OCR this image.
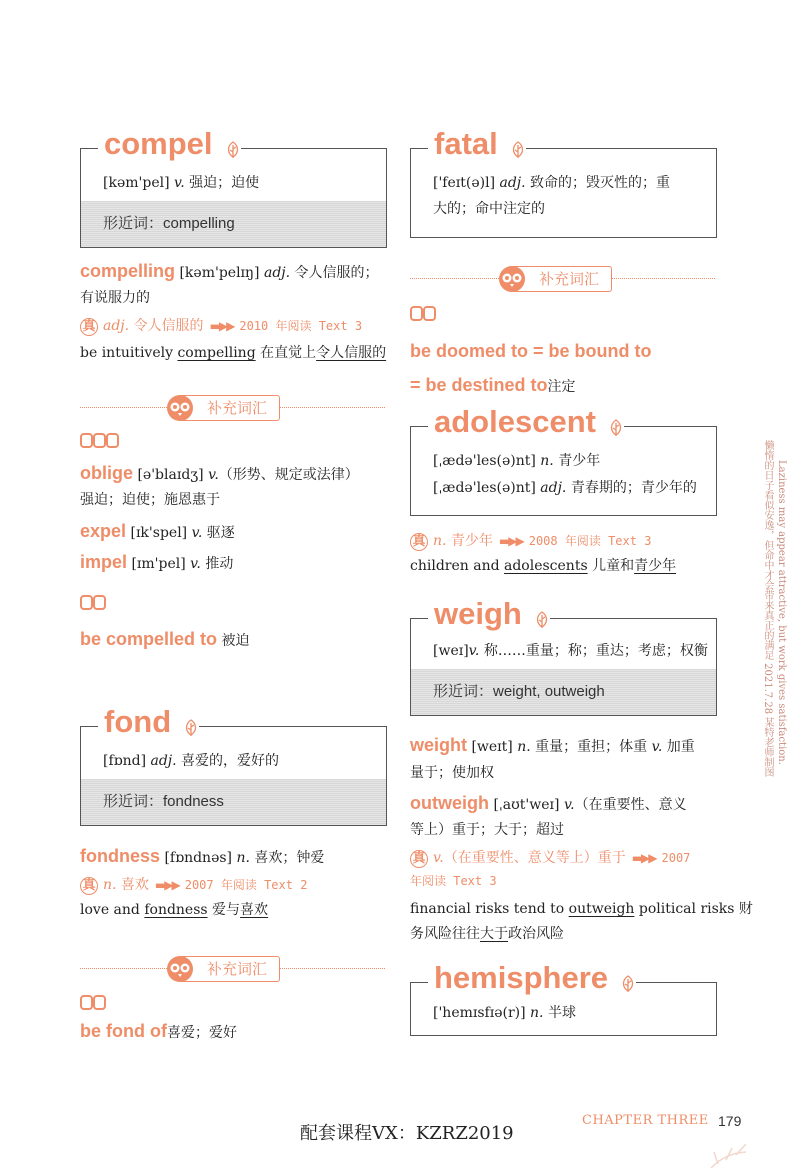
[kəm'pel] v. 强迫；迫使
形近词：compelling
compel
compelling [kəm'pelɪŋ] adj. 令人信服的；
有说服力的
真 adj. 令人信服的 ▬▶▶ 2010 年阅读 Text 3
be intuitively compelling 在直觉上令人信服的
补充词汇
oblige [ə'blaɪdʒ] v.（形势、规定或法律）
强迫；迫使；施恩惠于
expel [ɪk'spel] v. 驱逐
impel [ɪm'pel] v. 推动
be compelled to 被迫
[fɒnd] adj. 喜爱的，爱好的
形近词：fondness
fond
fondness [fɒndnəs] n. 喜欢；钟爱
真 n. 喜欢 ▬▶▶ 2007 年阅读 Text 2
love and fondness 爱与喜欢
补充词汇
be fond of喜爱；爱好
['feɪt(ə)l] adj. 致命的；毁灭性的；重
大的；命中注定的
fatal
补充词汇
be doomed to = be bound to
= be destined to注定
[ˌædə'les(ə)nt] n. 青少年
[ˌædə'les(ə)nt] adj. 青春期的；青少年的
adolescent
真 n. 青少年 ▬▶▶ 2008 年阅读 Text 3
children and adolescents 儿童和青少年
[weɪ]v. 称……重量；称；重达；考虑；权衡
形近词：weight, outweigh
weigh
weight [weɪt] n. 重量；重担；体重 v. 加重
量于；使加权
outweigh [ˌaʊt'weɪ] v.（在重要性、意义
等上）重于；大于；超过
真 v.（在重要性、意义等上）重于 ▬▶▶ 2007
年阅读 Text 3
financial risks tend to outweigh political risks 财
务风险往往大于政治风险
['hemɪsfɪə(r)] n. 半球
hemisphere
懒惰的日子看似安逸，但命中才会带来真正的满足 2021.7.28 某特老师制图 Laziness may appear attractive, but work gives satisfaction.
配套课程VX：KZRZ2019
CHAPTER THREE 179
